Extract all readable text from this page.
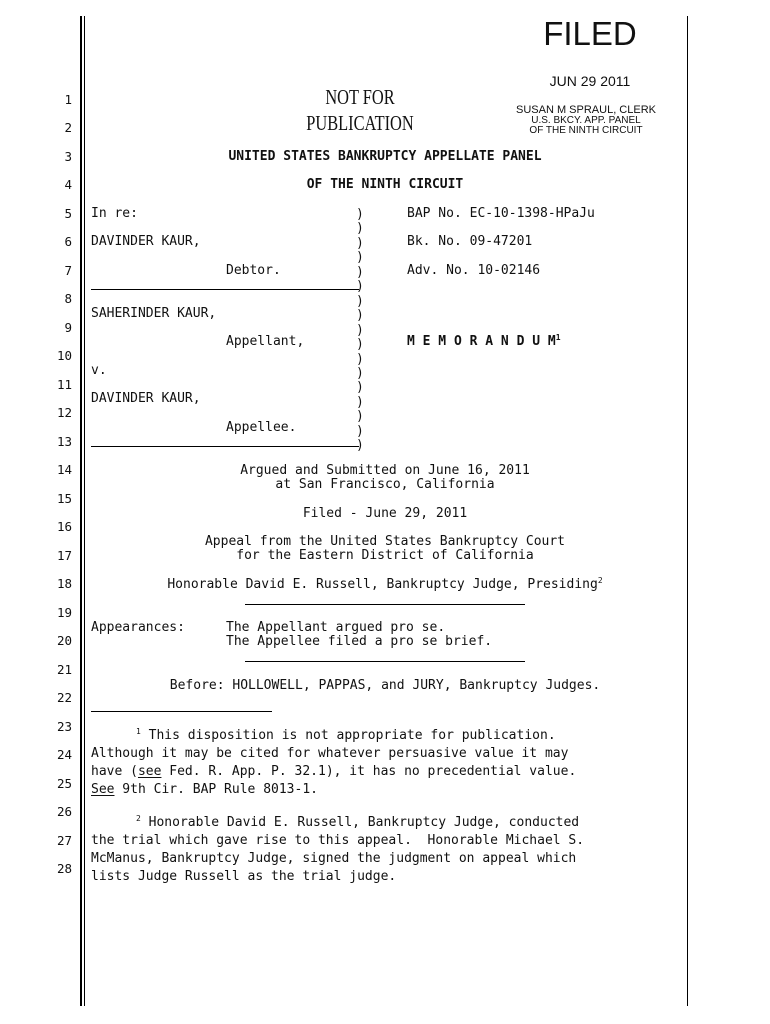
FILED
JUN 29 2011
SUSAN M SPRAUL, CLERK
U.S. BKCY. APP. PANEL
OF THE NINTH CIRCUIT
NOT FOR PUBLICATION
1
2
3
4
5
6
7
8
9
10
11
12
13
14
15
16
17
18
19
20
21
22
23
24
25
26
27
28
UNITED STATES BANKRUPTCY APPELLATE PANEL
OF THE NINTH CIRCUIT
In re:
DAVINDER KAUR,
Debtor.
SAHERINDER KAUR,
Appellant,
v.
DAVINDER KAUR,
Appellee.
)
)
)
)
)
)
)
)
)
)
)
)
)
)
)
)
)
BAP No. EC-10-1398-HPaJu
Bk. No. 09-47201
Adv. No. 10-02146
M E M O R A N D U $M^1$
Argued and Submitted on June 16, 2011
at San Francisco, California
Filed - June 29, 2011
Appeal from the United States Bankruptcy Court
for the Eastern District of California
Honorable David E. Russell, Bankruptcy Judge, Presiding$^2$
Appearances:	The Appellant argued pro se.
The Appellee filed a pro se brief.
Before: HOLLOWELL, PAPPAS, and JURY, Bankruptcy Judges.
$^1$ This disposition is not appropriate for publication.
Although it may be cited for whatever persuasive value it may
have (see Fed. R. App. P. 32.1), it has no precedential value.
See 9th Cir. BAP Rule 8013-1.
$^2$ Honorable David E. Russell, Bankruptcy Judge, conducted
the trial which gave rise to this appeal.  Honorable Michael S.
McManus, Bankruptcy Judge, signed the judgment on appeal which
lists Judge Russell as the trial judge.
